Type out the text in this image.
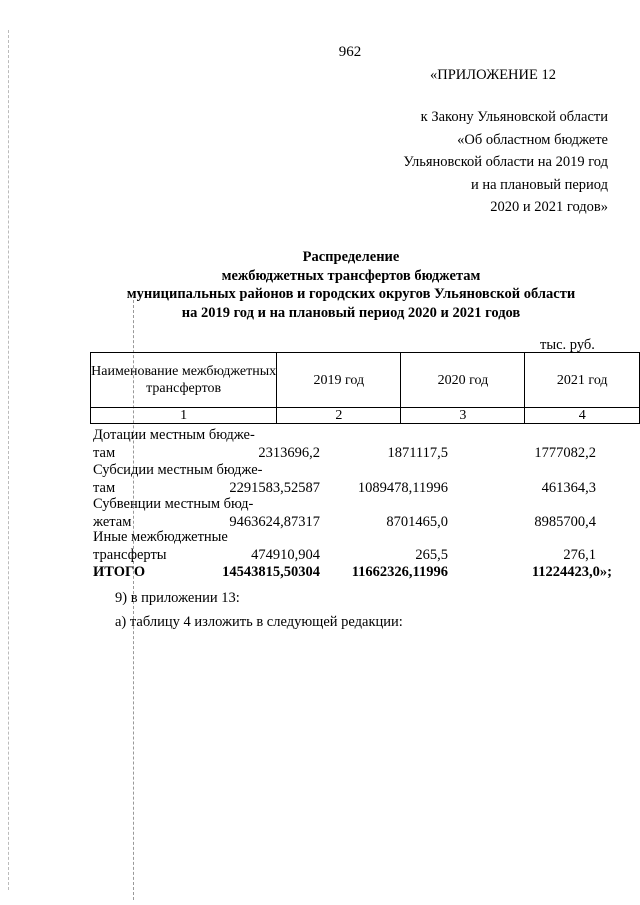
962
«ПРИЛОЖЕНИЕ 12
к Закону Ульяновской области
«Об областном бюджете
Ульяновской области на 2019 год
и на плановый период
2020 и 2021 годов»
Распределение
межбюджетных трансфертов бюджетам
муниципальных районов и городских округов Ульяновской области
на 2019 год и на плановый период 2020 и 2021 годов
тыс. руб.
Наименование межбюджетных трансфертов	2019 год	2020 год	2021 год
1	2	3	4
Дотации местным бюдже-
там	2313696,2	1871117,5	1777082,2
Субсидии местным бюдже-
там	2291583,52587	1089478,11996	461364,3
Субвенции местным бюд-
жетам	9463624,87317	8701465,0	8985700,4
Иные межбюджетные
трансферты	474910,904	265,5	276,1
ИТОГО	14543815,50304 11662326,11996	11224423,0»;
9) в приложении 13:
а) таблицу 4 изложить в следующей редакции:
